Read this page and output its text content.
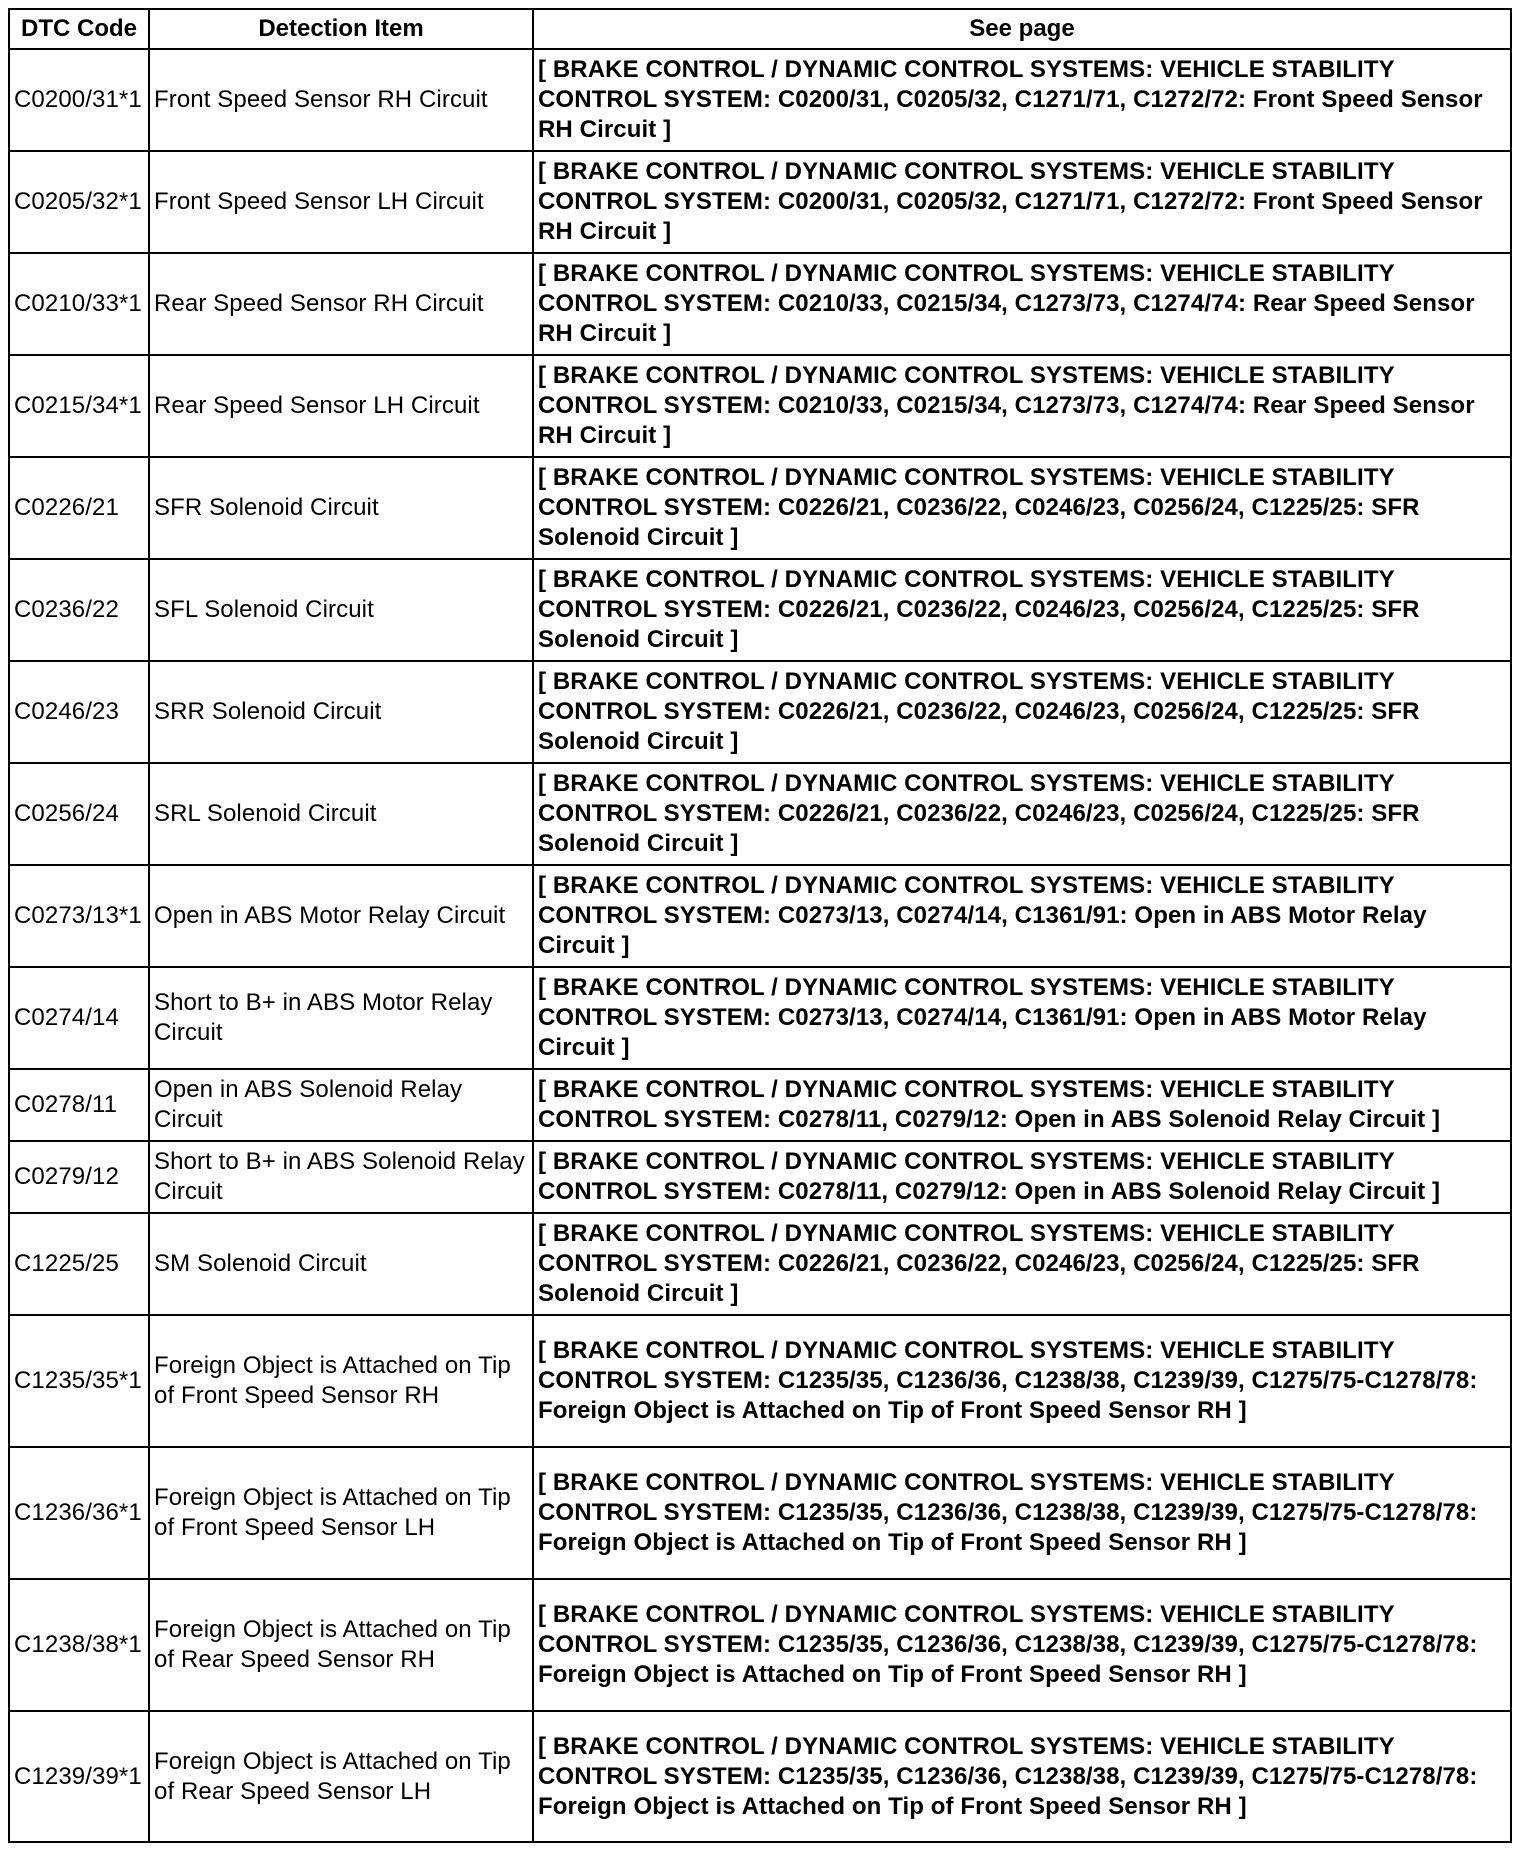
DTC Code	Detection Item	See page
C0200/31*1	Front Speed Sensor RH Circuit	[ BRAKE CONTROL / DYNAMIC CONTROL SYSTEMS: VEHICLE STABILITY CONTROL SYSTEM: C0200/31, C0205/32, C1271/71, C1272/72: Front Speed Sensor RH Circuit ]
C0205/32*1	Front Speed Sensor LH Circuit	[ BRAKE CONTROL / DYNAMIC CONTROL SYSTEMS: VEHICLE STABILITY CONTROL SYSTEM: C0200/31, C0205/32, C1271/71, C1272/72: Front Speed Sensor RH Circuit ]
C0210/33*1	Rear Speed Sensor RH Circuit	[ BRAKE CONTROL / DYNAMIC CONTROL SYSTEMS: VEHICLE STABILITY CONTROL SYSTEM: C0210/33, C0215/34, C1273/73, C1274/74: Rear Speed Sensor RH Circuit ]
C0215/34*1	Rear Speed Sensor LH Circuit	[ BRAKE CONTROL / DYNAMIC CONTROL SYSTEMS: VEHICLE STABILITY CONTROL SYSTEM: C0210/33, C0215/34, C1273/73, C1274/74: Rear Speed Sensor RH Circuit ]
C0226/21	SFR Solenoid Circuit	[ BRAKE CONTROL / DYNAMIC CONTROL SYSTEMS: VEHICLE STABILITY CONTROL SYSTEM: C0226/21, C0236/22, C0246/23, C0256/24, C1225/25: SFR Solenoid Circuit ]
C0236/22	SFL Solenoid Circuit	[ BRAKE CONTROL / DYNAMIC CONTROL SYSTEMS: VEHICLE STABILITY CONTROL SYSTEM: C0226/21, C0236/22, C0246/23, C0256/24, C1225/25: SFR Solenoid Circuit ]
C0246/23	SRR Solenoid Circuit	[ BRAKE CONTROL / DYNAMIC CONTROL SYSTEMS: VEHICLE STABILITY CONTROL SYSTEM: C0226/21, C0236/22, C0246/23, C0256/24, C1225/25: SFR Solenoid Circuit ]
C0256/24	SRL Solenoid Circuit	[ BRAKE CONTROL / DYNAMIC CONTROL SYSTEMS: VEHICLE STABILITY CONTROL SYSTEM: C0226/21, C0236/22, C0246/23, C0256/24, C1225/25: SFR Solenoid Circuit ]
C0273/13*1	Open in ABS Motor Relay Circuit	[ BRAKE CONTROL / DYNAMIC CONTROL SYSTEMS: VEHICLE STABILITY CONTROL SYSTEM: C0273/13, C0274/14, C1361/91: Open in ABS Motor Relay Circuit ]
C0274/14	Short to B+ in ABS Motor Relay Circuit	[ BRAKE CONTROL / DYNAMIC CONTROL SYSTEMS: VEHICLE STABILITY CONTROL SYSTEM: C0273/13, C0274/14, C1361/91: Open in ABS Motor Relay Circuit ]
C0278/11	Open in ABS Solenoid Relay Circuit	[ BRAKE CONTROL / DYNAMIC CONTROL SYSTEMS: VEHICLE STABILITY CONTROL SYSTEM: C0278/11, C0279/12: Open in ABS Solenoid Relay Circuit ]
C0279/12	Short to B+ in ABS Solenoid Relay Circuit	[ BRAKE CONTROL / DYNAMIC CONTROL SYSTEMS: VEHICLE STABILITY CONTROL SYSTEM: C0278/11, C0279/12: Open in ABS Solenoid Relay Circuit ]
C1225/25	SM Solenoid Circuit	[ BRAKE CONTROL / DYNAMIC CONTROL SYSTEMS: VEHICLE STABILITY CONTROL SYSTEM: C0226/21, C0236/22, C0246/23, C0256/24, C1225/25: SFR Solenoid Circuit ]
C1235/35*1	Foreign Object is Attached on Tip of Front Speed Sensor RH	[ BRAKE CONTROL / DYNAMIC CONTROL SYSTEMS: VEHICLE STABILITY CONTROL SYSTEM: C1235/35, C1236/36, C1238/38, C1239/39, C1275/75-C1278/78: Foreign Object is Attached on Tip of Front Speed Sensor RH ]
C1236/36*1	Foreign Object is Attached on Tip of Front Speed Sensor LH	[ BRAKE CONTROL / DYNAMIC CONTROL SYSTEMS: VEHICLE STABILITY CONTROL SYSTEM: C1235/35, C1236/36, C1238/38, C1239/39, C1275/75-C1278/78: Foreign Object is Attached on Tip of Front Speed Sensor RH ]
C1238/38*1	Foreign Object is Attached on Tip of Rear Speed Sensor RH	[ BRAKE CONTROL / DYNAMIC CONTROL SYSTEMS: VEHICLE STABILITY CONTROL SYSTEM: C1235/35, C1236/36, C1238/38, C1239/39, C1275/75-C1278/78: Foreign Object is Attached on Tip of Front Speed Sensor RH ]
C1239/39*1	Foreign Object is Attached on Tip of Rear Speed Sensor LH	[ BRAKE CONTROL / DYNAMIC CONTROL SYSTEMS: VEHICLE STABILITY CONTROL SYSTEM: C1235/35, C1236/36, C1238/38, C1239/39, C1275/75-C1278/78: Foreign Object is Attached on Tip of Front Speed Sensor RH ]
